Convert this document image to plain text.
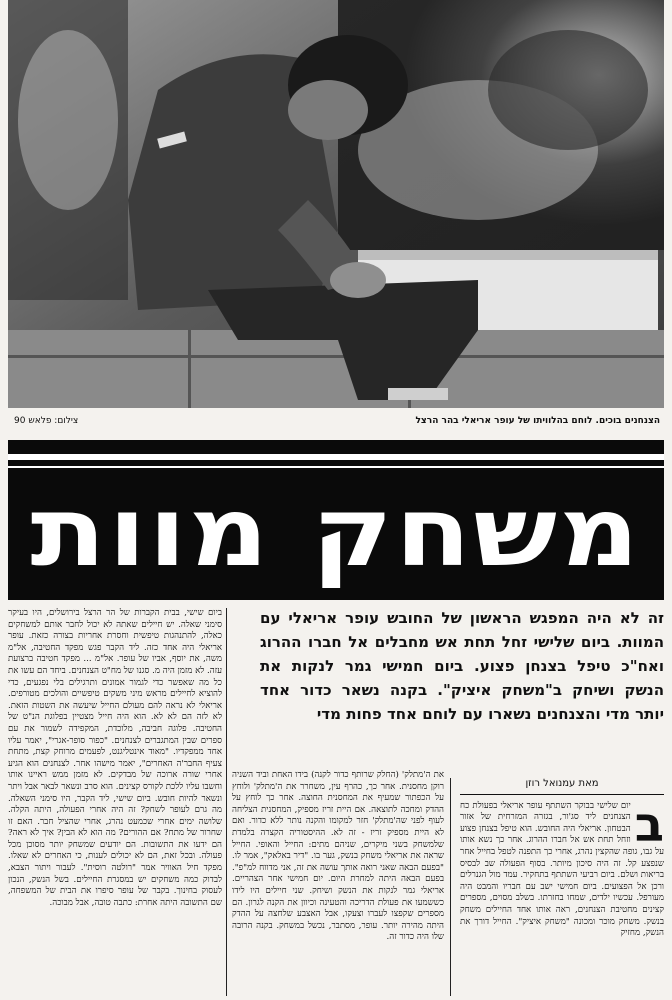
הצנחנים בוכים. לוחם בהלוויתו של עופר אריאלי בהר הרצל
צילום: פלאש 90
משחק מוות
זה לא היה המפגש הראשון של החובש עופר אריאלי עם המוות. ביום שלישי זחל תחת אש מחבלים אל חברו ההרוג ואח"כ טיפל בצנחן פצוע. ביום חמישי גמר לנקות את הנשק ושיחק ב"משחק איציק". בקנה נשאר כדור אחד יותר מדי והצנחנים נשארו עם לוחם אחד פחות מדי
מאת עמנואל רוזן
ב

יום שלישי בבוקר השתתף עופר אריאלי בפעולת כח הצנחנים ליד סג'ור, בגזרה המזרחית של אזור הבטחון. אריאלי היה החובש. הוא טיפל בצנחן פצוע וזחל תחת אש אל חברו ההרוג. אחר כך נשא אותו על גבו, גופה שהקצין נהרג, אחרי כך התפנה לטפל בחייל אחר שנפצע קל. זה היה סיכון מיותר. בסוף הפעולה שב לבסיס בריאות ושלם. ביום רביעי השתתף בתחקיר. עמד מול הגנרלים ורכן אל הפצועים. ביום חמישי ישב עם חבריו והמבט היה מעורפל. עכשיו ילדים, שמחו בחזרתו. בשלב מסוים, מספרים קצינים מחטיבת הצנחנים, ראה אותו אחד החיילים משחק בנשק. משחק מוכר ומכונה "משחק איציק". החייל דורך את הנשק, מחזיק

את ה'מתלק' (החלק שרותף כדור לקנה) בידו האחת וביד השניה רוקן מחסנית. אחר כך, כהרף עין, משחרר את ה'מתלק' ולוחץ על הכפתור שמעיף את המחסנית החוצה. אחר כך לוחץ על ההדק ומחכה לתוצאה. אם היית זריז מספיק, המחסנית הצליחה לעוף לפני שה'מתלק' חזר למקומו והקנה נותר ללא כדור. ואם לא היית מספיק זריז - זה לא. ההיסטוריה הקצרה בלמדת שלמשחק בשני מיקרים, שניהם מתים: החייל והאופי. החייל שראה את אריאלי משחק בנשק, גער בו. "דיר באלאק", אמר לו. "בפעם הבאה שאני רואה אותך עושה את זה, אני מדווח למ"פ". בפעם הבאה היתה למחרת היום. יום חמישי אחר הצהריים. אריאלי גמר לנקות את הנשק ושיחק. שני חיילים היו לידו כששמעו את פעולת הדריכה והטעינה וכיוון את הקנה לגרון. הם מספרים שקפצו לעברו וצעקו, אבל האצבע שלחצה על ההדק היתה מהירה יותר. עופר, מסתבר, נכשל במשחק. בקנה הרובה שלו היה כדור זה.

ביום שישי, בבית הקברות של הר הרצל בירושלים, היו בעיקר סימני שאלה. יש חיילים שאתה לא יכול לחבר אותם למשחקים כאלה, להתנהגות טיפשית וחסרת אחריות בצורה כזאת. עופר אריאלי היה אחד כזה. ליד הקבר פגש מפקד החטיבה, אל"מ משה, את יוסף, אביו של עופר. אל"מ ... מפקד חטיבה ברצועת עזה. לא מזמן היה מ. סגנו של מח"ט הצנחנים. ביחד הם עשו את כל מה שאפשר כדי לגמור אמונים ותרגילים בלי נפגעים, כדי להוציא לחיילים מראש מיני משקים טיפשיים והולכים מטורפים. אריאלי לא נראה להם מעולם החייל שיעשה את השטות הזאת. לא לזה הם לא לא. הוא היה חייל מצטיין בפלוגת הנ"ט של החטיבה. פלוגה חביבה, מלוכדת, המקפידה לשמור את עם ספרים שבין המתגברים לצנחנים. "כפור סופר-אגרי", יאמר עליו אחד ממפקדיו. "מאוד אינטליגנט, לפעמים מרוחק קצת, מתחת צעיף החבר'ה האחרים", יאמר מישהו אחר. לצנחנים הוא הגיע אחרי שורה ארוכה של מבדקים. לא מזמן ממש ראיינו אותו וחשבו עליו ללכת לקורס קצינים. הוא סרב ונשאר לבאר אבל ויתר ונשאר להיות חובש. ביום שישי, ליד הקבר, היו סימני השאלה. מה גרם לעופר לשחק? זה היה אחרי הפעולה, היתה הקלה. שלושה ימים אחרי שכמעט נהרג, אחרי שהציל חבר. האם זו שחרור של מתח? אם ההורים? מה הוא לא הבין? איך לא ראה? הם ידעו את התשובות. הם יודעים שמשחק יותר מסוכן מכל פעולה. ובכל זאת, הם לא יכולים לענות, כי האחרים לא שאלו. מפקד חיל האוויר אמר "רולטה רוסית". לעבור ויתור הצבא, לבדוק כמה משחקים יש במסגרת החיילים. בשל הנשק, הנכון לעסוק בחינוך. בקבר של עופר סיפרו את הבית של המשפחה, שם התשובה היתה אחרת: כתבה טובה, אבל מבוכה.
